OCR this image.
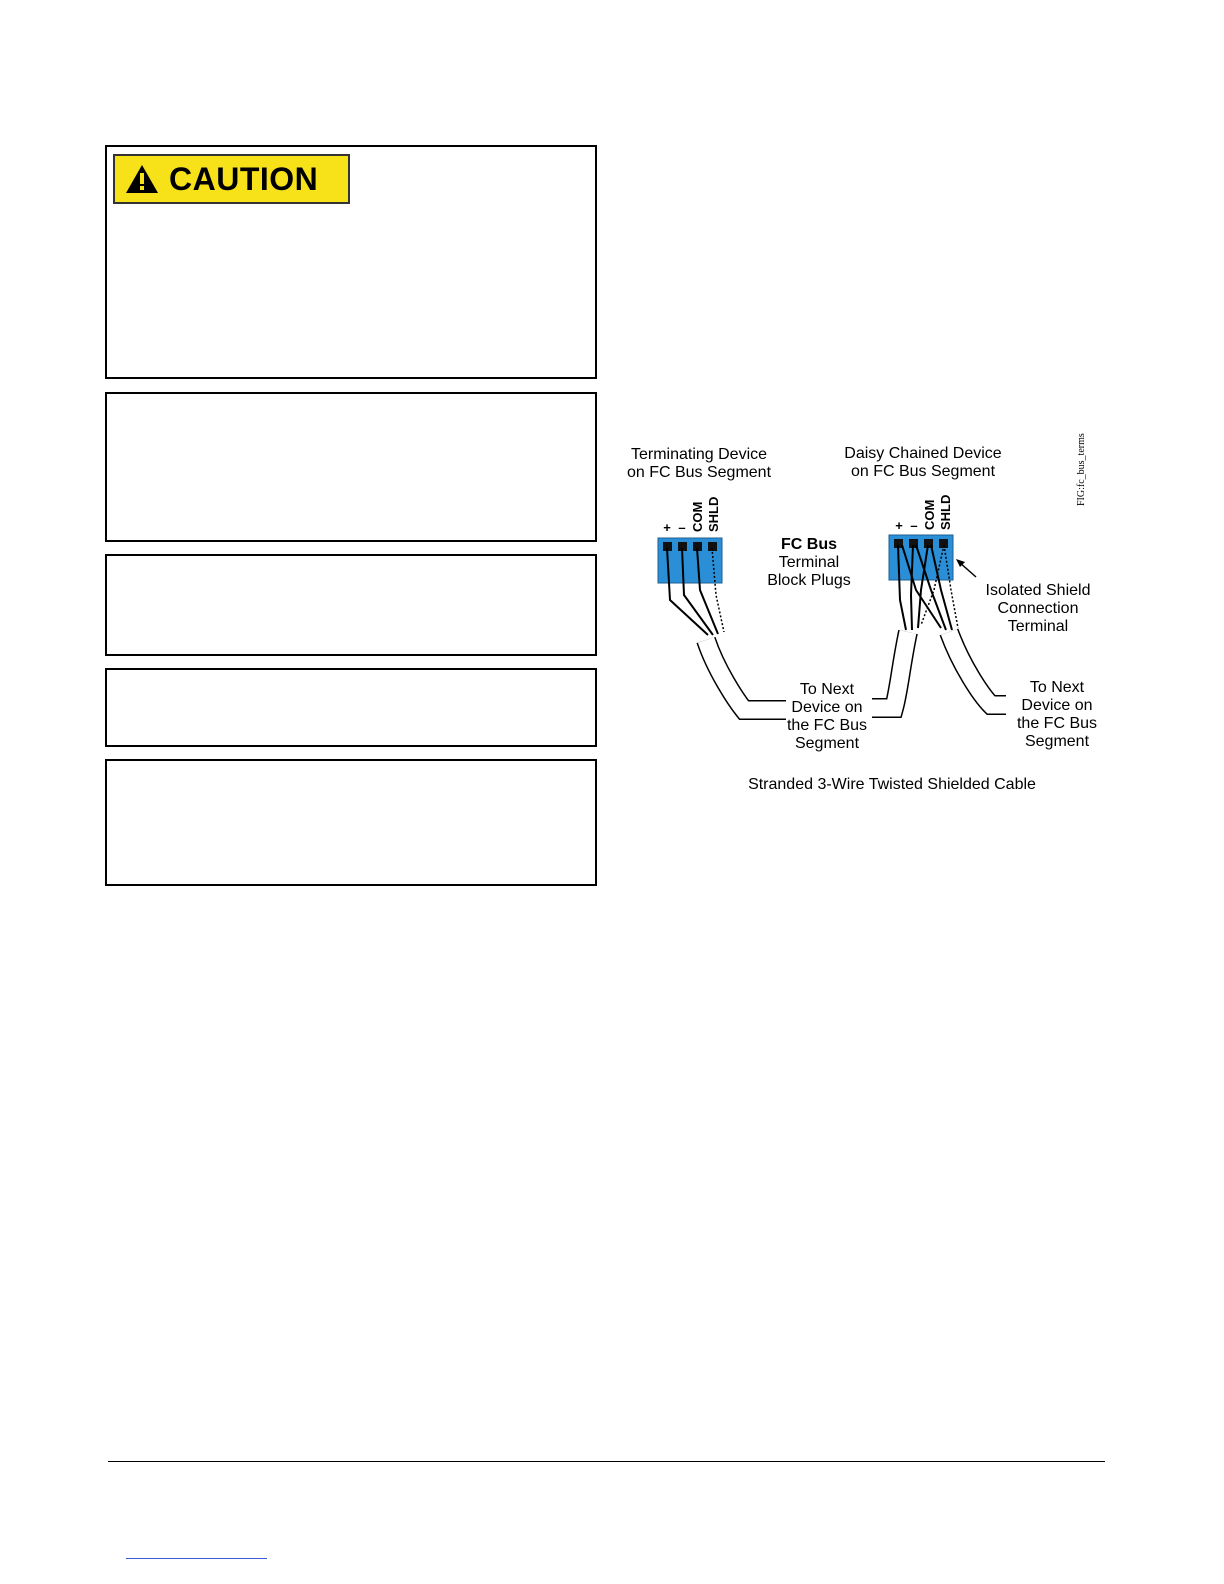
CAUTION
FIG:fc_bus_terms
Terminating Device
on FC Bus Segment
Daisy Chained Device
on FC Bus Segment
+ – COM SHLD	+ – COM SHLD
FC Bus
Terminal
Block Plugs
Isolated Shield
Connection
Terminal
To Next
Device on
the FC Bus
Segment
To Next
Device on
the FC Bus
Segment
Stranded 3-Wire Twisted Shielded Cable
